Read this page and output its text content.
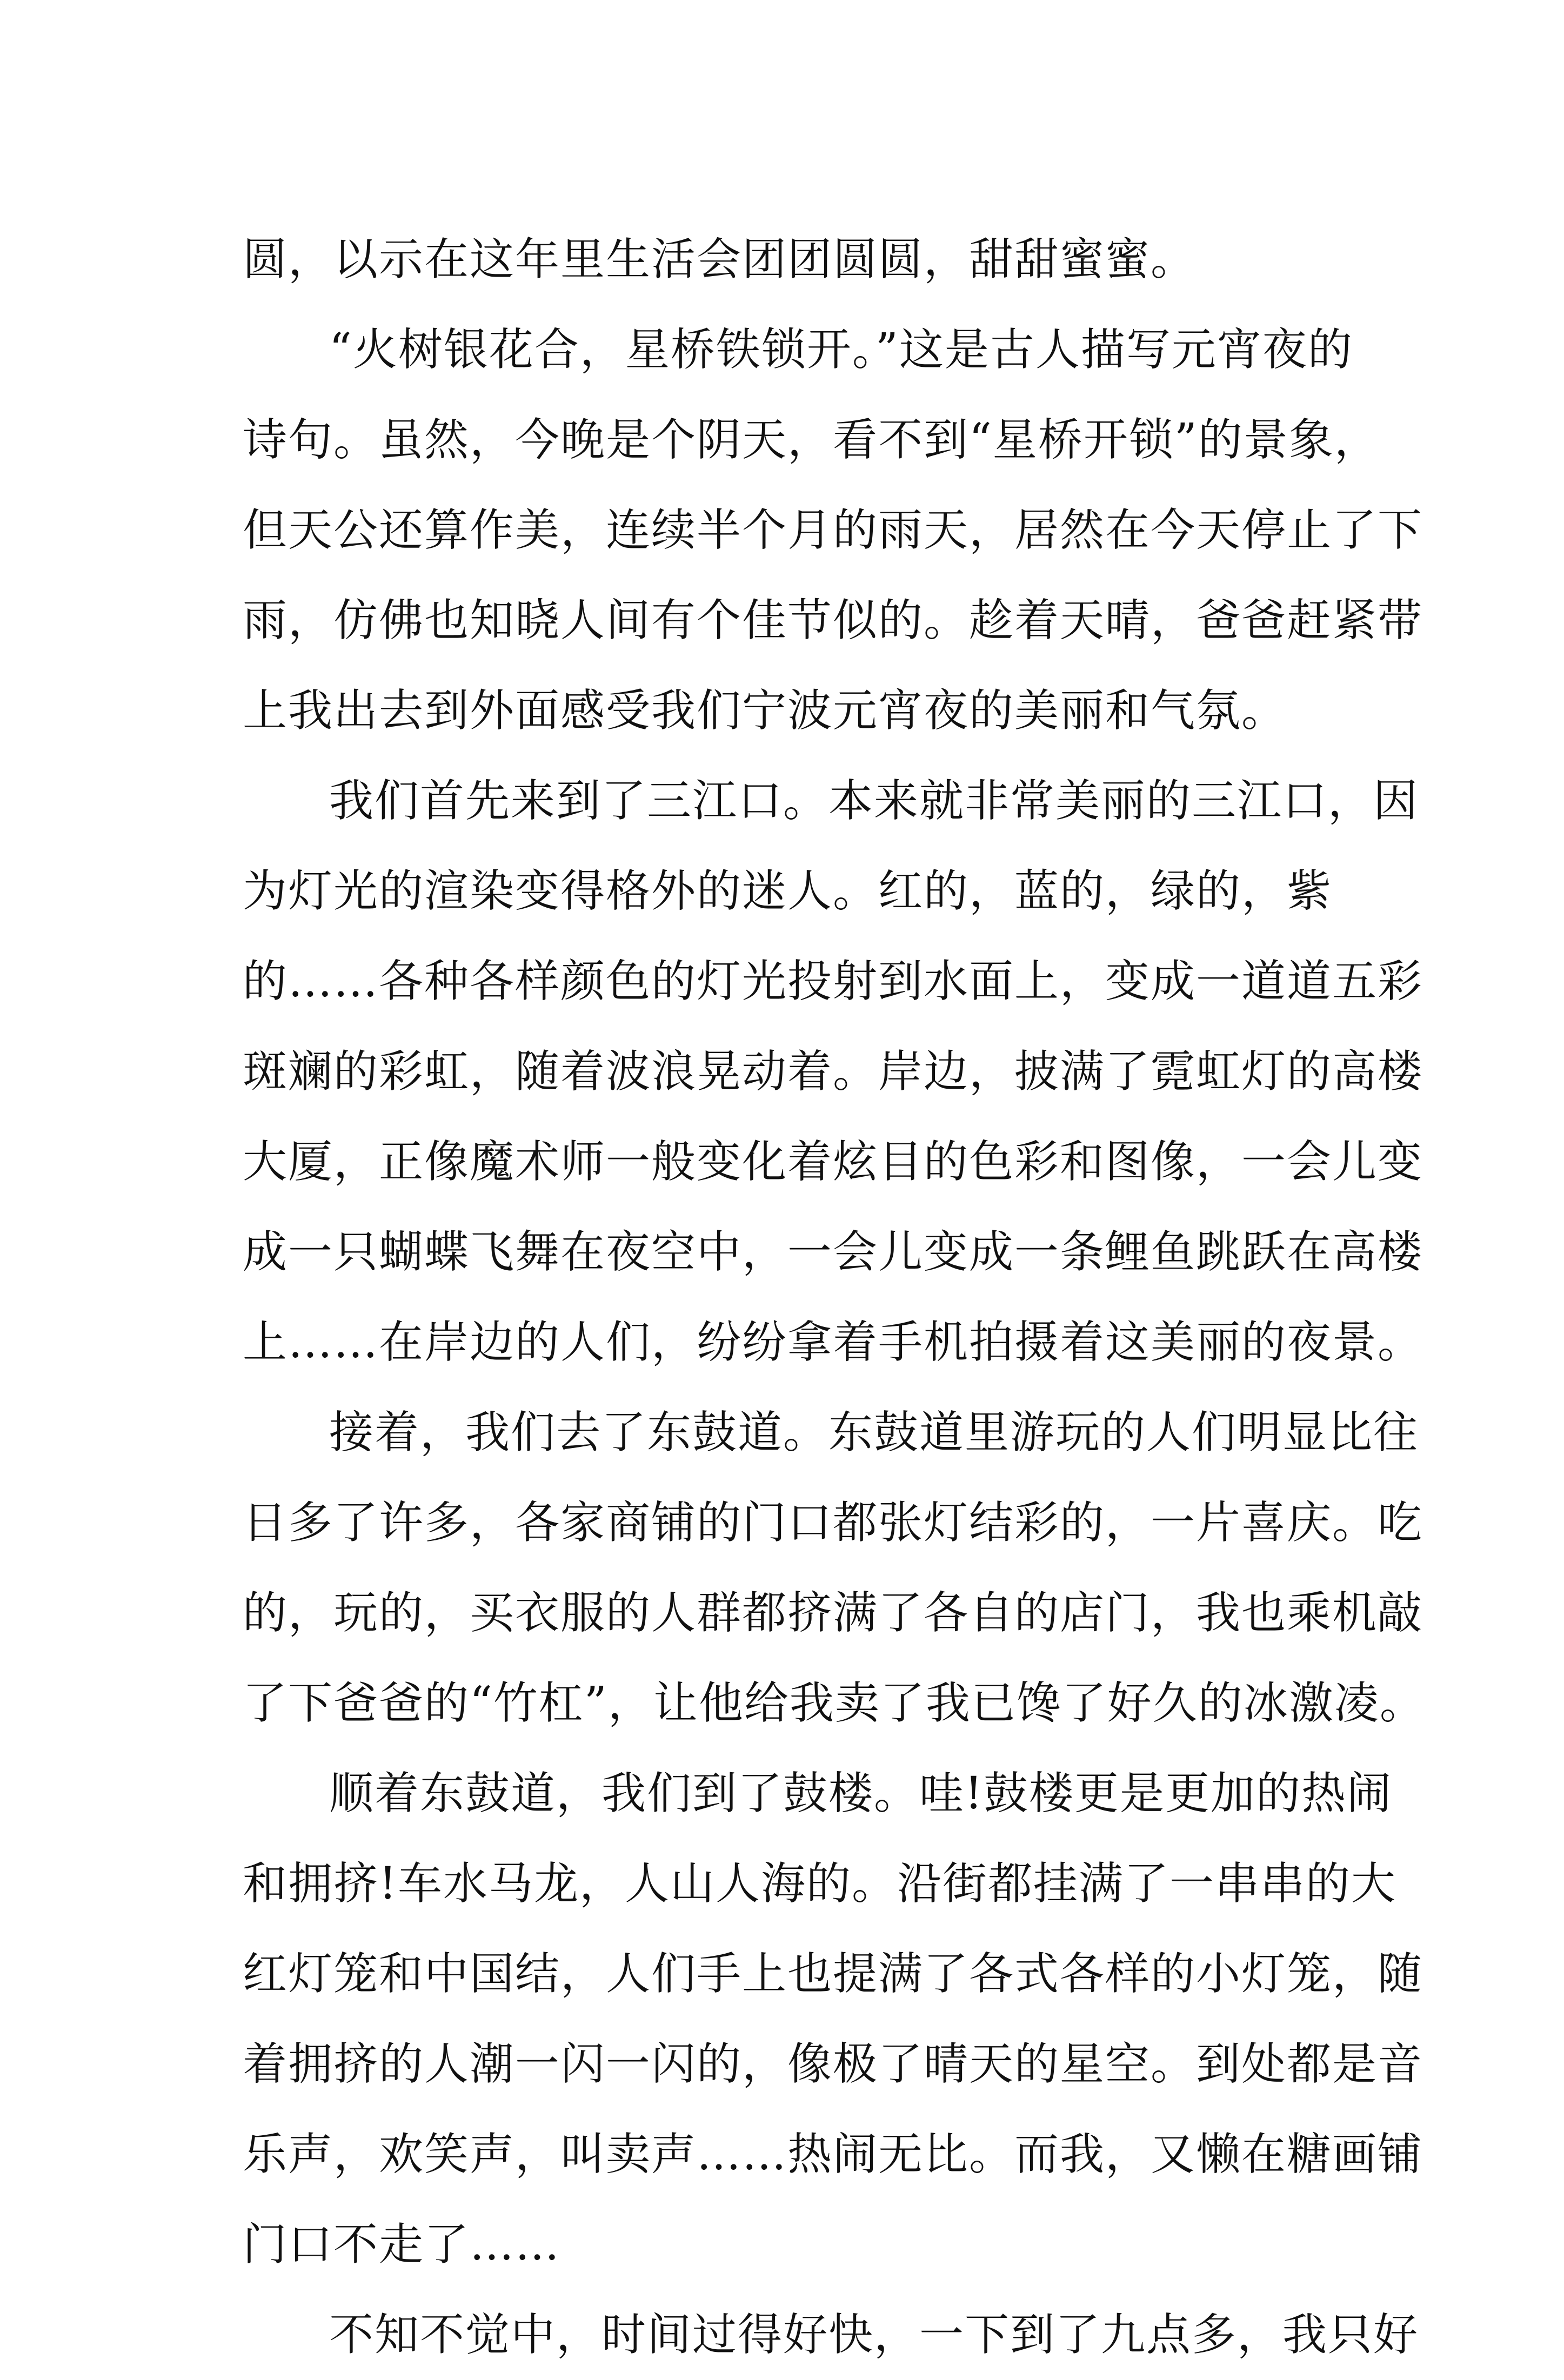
圆，以示在这年里生活会团团圆圆，甜甜蜜蜜。
“火树银花合，星桥铁锁开。”这是古人描写元宵夜的
诗句。虽然，今晚是个阴天，看不到“星桥开锁”的景象，
但天公还算作美，连续半个月的雨天，居然在今天停止了下
雨，仿佛也知晓人间有个佳节似的。趁着天晴，爸爸赶紧带
上我出去到外面感受我们宁波元宵夜的美丽和气氛。
我们首先来到了三江口。本来就非常美丽的三江口，因
为灯光的渲染变得格外的迷人。红的，蓝的，绿的，紫
的……各种各样颜色的灯光投射到水面上，变成一道道五彩
斑斓的彩虹，随着波浪晃动着。岸边，披满了霓虹灯的高楼
大厦，正像魔术师一般变化着炫目的色彩和图像，一会儿变
成一只蝴蝶飞舞在夜空中，一会儿变成一条鲤鱼跳跃在高楼
上……在岸边的人们，纷纷拿着手机拍摄着这美丽的夜景。
接着，我们去了东鼓道。东鼓道里游玩的人们明显比往
日多了许多，各家商铺的门口都张灯结彩的，一片喜庆。吃
的，玩的，买衣服的人群都挤满了各自的店门，我也乘机敲
了下爸爸的“竹杠”，让他给我卖了我已馋了好久的冰激凌。
顺着东鼓道，我们到了鼓楼。哇!鼓楼更是更加的热闹
和拥挤!车水马龙，人山人海的。沿街都挂满了一串串的大
红灯笼和中国结，人们手上也提满了各式各样的小灯笼，随
着拥挤的人潮一闪一闪的，像极了晴天的星空。到处都是音
乐声，欢笑声，叫卖声……热闹无比。而我，又懒在糖画铺
门口不走了……
不知不觉中，时间过得好快，一下到了九点多，我只好
